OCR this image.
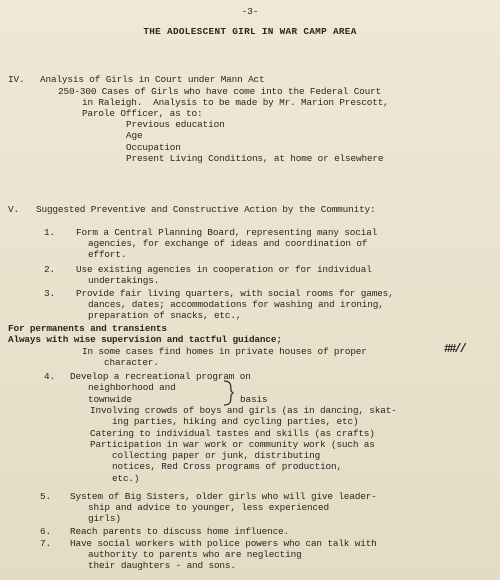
-3-
THE ADOLESCENT GIRL IN WAR CAMP AREA
IV. Analysis of Girls in Court under Mann Act
250-300 Cases of Girls who have come into the Federal Court
in Raleigh.  Analysis to be made by Mr. Marion Prescott,
Parole Officer, as to:
Previous education
Age
Occupation
Present Living Conditions, at home or elsewhere
V. Suggested Preventive and Constructive Action by the Community:
1. Form a Central Planning Board, representing many social
agencies, for exchange of ideas and coordination of
effort.
2. Use existing agencies in cooperation or for individual
undertakings.
3. Provide fair living quarters, with social rooms for games,
dances, dates; accommodations for washing and ironing,
preparation of snacks, etc.,
For permanents and transients
Always with wise supervision and tactful guidance;
In some cases find homes in private houses of proper	##//
character.
4. Develop a recreational program on
neighborhood and
townwide	basis
Involving crowds of boys and girls (as in dancing, skat-
ing parties, hiking and cycling parties, etc)
Catering to individual tastes and skills (as crafts)
Participation in war work or community work (such as
collecting paper or junk, distributing
notices, Red Cross programs of production,
etc.)
5. System of Big Sisters, older girls who will give leader-
ship and advice to younger, less experienced
girls)
6. Reach parents to discuss home influence.
7. Have social workers with police powers who can talk with
authority to parents who are neglecting
their daughters - and sons.
